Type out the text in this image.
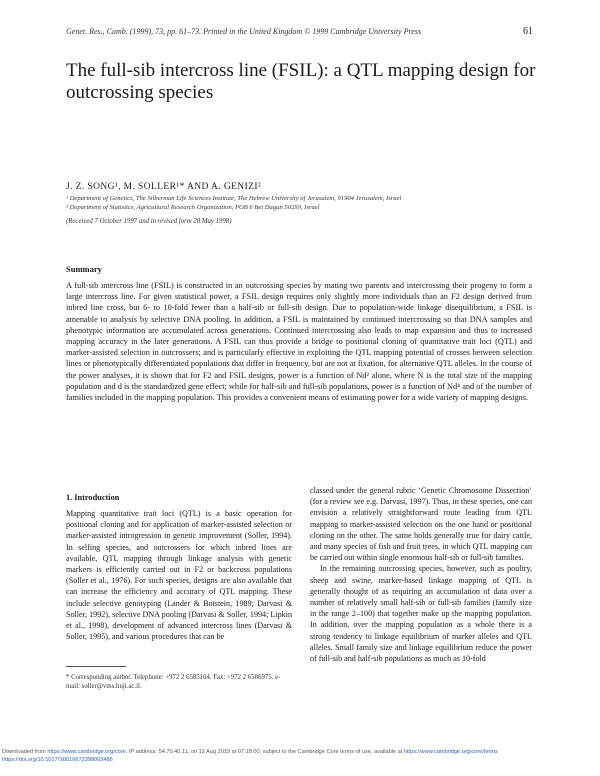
Genet. Res., Camb. (1999), 73, pp. 61–73. Printed in the United Kingdom © 1999 Cambridge University Press	61
The full-sib intercross line (FSIL): a QTL mapping design for outcrossing species
J. Z. SONG¹, M. SOLLER¹* AND A. GENIZI²
¹ Department of Genetics, The Silberman Life Sciences Institute, The Hebrew University of Jerusalem, 91904 Jerusalem, Israel
² Department of Statistics, Agricultural Research Organization, POB 6 Bet Dagan 50250, Israel
(Received 7 October 1997 and in revised form 28 May 1998)
Summary
A full-sib intercross line (FSIL) is constructed in an outcrossing species by mating two parents and intercrossing their progeny to form a large intercross line. For given statistical power, a FSIL design requires only slightly more individuals than an F2 design derived from inbred line cross, but 6- to 10-fold fewer than a half-sib or full-sib design. Due to population-wide linkage disequilibrium, a FSIL is amenable to analysis by selective DNA pooling. In addition, a FSIL is maintained by continued intercrossing so that DNA samples and phenotypic information are accumulated across generations. Continued intercrossing also leads to map expansion and thus to increased mapping accuracy in the later generations. A FSIL can thus provide a bridge to positional cloning of quantitative trait loci (QTL) and marker-assisted selection in outcrossers; and is particularly effective in exploiting the QTL mapping potential of crosses between selection lines or phenotypically differentiated populations that differ in frequency, but are not at fixation, for alternative QTL alleles. In the course of the power analyses, it is shown that for F2 and FSIL designs, power is a function of Nd² alone, where N is the total size of the mapping population and d is the standardized gene effect; while for half-sib and full-sib populations, power is a function of Nd⁴ and of the number of families included in the mapping population. This provides a convenient means of estimating power for a wide variety of mapping designs.
1. Introduction
Mapping quantitative trait loci (QTL) is a basic operation for positional cloning and for application of marker-assisted selection or marker-assisted introgression in genetic improvement (Soller, 1994). In selfing species, and outcrossers for which inbred lines are available, QTL mapping through linkage analysis with genetic markers is efficiently carried out in F2 or backcross populations (Soller et al., 1976). For such species, designs are also available that can increase the efficiency and accuracy of QTL mapping. These include selective genotyping (Lander & Botstein, 1989; Darvasi & Soller, 1992), selective DNA pooling (Darvasi & Soller, 1994; Lipkin et al., 1998), development of advanced intercross lines (Darvasi & Soller, 1995), and various procedures that can be

classed under the general rubric ‘Genetic Chromosome Dissection’ (for a review see e.g. Darvasi, 1997). Thus, in these species, one can envision a relatively straightforward route leading from QTL mapping to marker-assisted selection on the one hand or positional cloning on the other. The same holds generally true for dairy cattle, and many species of fish and fruit trees, in which QTL mapping can be carried out within single enormous half-sib or full-sib families.

In the remaining outcrossing species, however, such as poultry, sheep and swine, marker-based linkage mapping of QTL is generally thought of as requiring an accumulation of data over a number of relatively small half-sib or full-sib families (family size in the range 2–100) that together make up the mapping population. In addition, over the mapping population as a whole there is a strong tendency to linkage equilibrium of marker alleles and QTL alleles. Small family size and linkage equilibrium reduce the power of full-sib and half-sib populations as much as 10-fold

* Corresponding author. Telephone: +972 2 6585104. Fax: +972 2 6586975. e-mail: soller@vms.huji.ac.il.
Downloaded from https://www.cambridge.org/core. IP address: 54.70.40.11, on 12 Aug 2019 at 07:18:00, subject to the Cambridge Core terms of use, available at https://www.cambridge.org/core/terms
https://doi.org/10.1017/S0016672398003486
